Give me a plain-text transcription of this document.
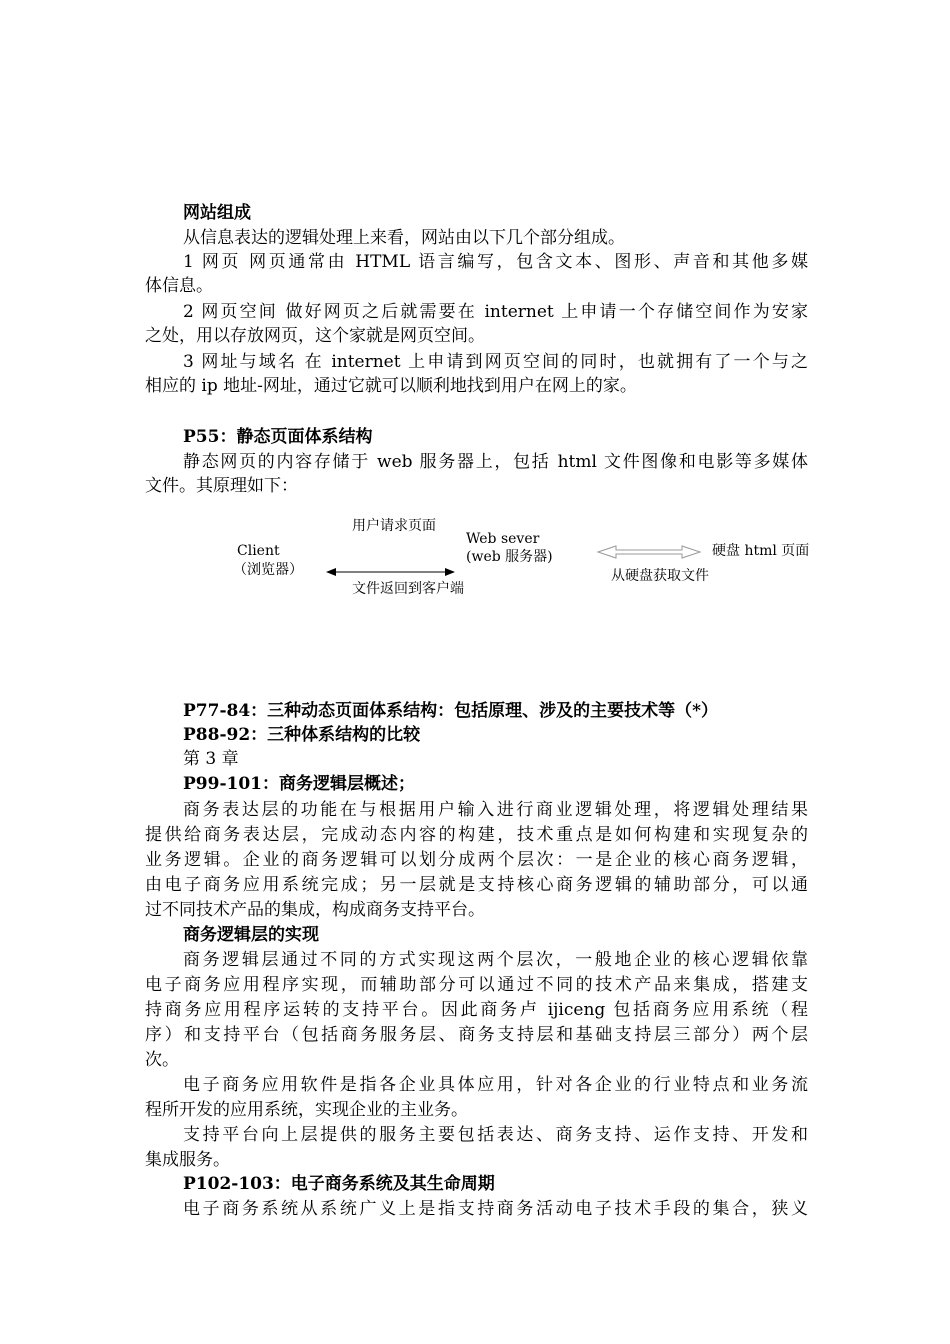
网站组成
从信息表达的逻辑处理上来看，网站由以下几个部分组成。
1 网页 网页通常由 HTML 语言编写，包含文本、图形、声音和其他多媒
体信息。
2 网页空间 做好网页之后就需要在 internet 上申请一个存储空间作为安家
之处，用以存放网页，这个家就是网页空间。
3 网址与域名 在 internet 上申请到网页空间的同时，也就拥有了一个与之
相应的 ip 地址-网址，通过它就可以顺利地找到用户在网上的家。
P55：静态页面体系结构
静态网页的内容存储于 web 服务器上，包括 html 文件图像和电影等多媒体
文件。其原理如下：
用户请求页面
Web sever
(web 服务器)
Client
（浏览器）
硬盘 html 页面
从硬盘获取文件
文件返回到客户端
P77-84：三种动态页面体系结构：包括原理、涉及的主要技术等（*）
P88-92：三种体系结构的比较
第 3 章
P99-101：商务逻辑层概述；
商务表达层的功能在与根据用户输入进行商业逻辑处理，将逻辑处理结果
提供给商务表达层，完成动态内容的构建，技术重点是如何构建和实现复杂的
业务逻辑。企业的商务逻辑可以划分成两个层次：一是企业的核心商务逻辑，
由电子商务应用系统完成；另一层就是支持核心商务逻辑的辅助部分，可以通
过不同技术产品的集成，构成商务支持平台。
商务逻辑层的实现
商务逻辑层通过不同的方式实现这两个层次，一般地企业的核心逻辑依靠
电子商务应用程序实现，而辅助部分可以通过不同的技术产品来集成，搭建支
持商务应用程序运转的支持平台。因此商务卢 ijiceng 包括商务应用系统（程
序）和支持平台（包括商务服务层、商务支持层和基础支持层三部分）两个层
次。
电子商务应用软件是指各企业具体应用，针对各企业的行业特点和业务流
程所开发的应用系统，实现企业的主业务。
支持平台向上层提供的服务主要包括表达、商务支持、运作支持、开发和
集成服务。
P102-103：电子商务系统及其生命周期
电子商务系统从系统广义上是指支持商务活动电子技术手段的集合，狭义
